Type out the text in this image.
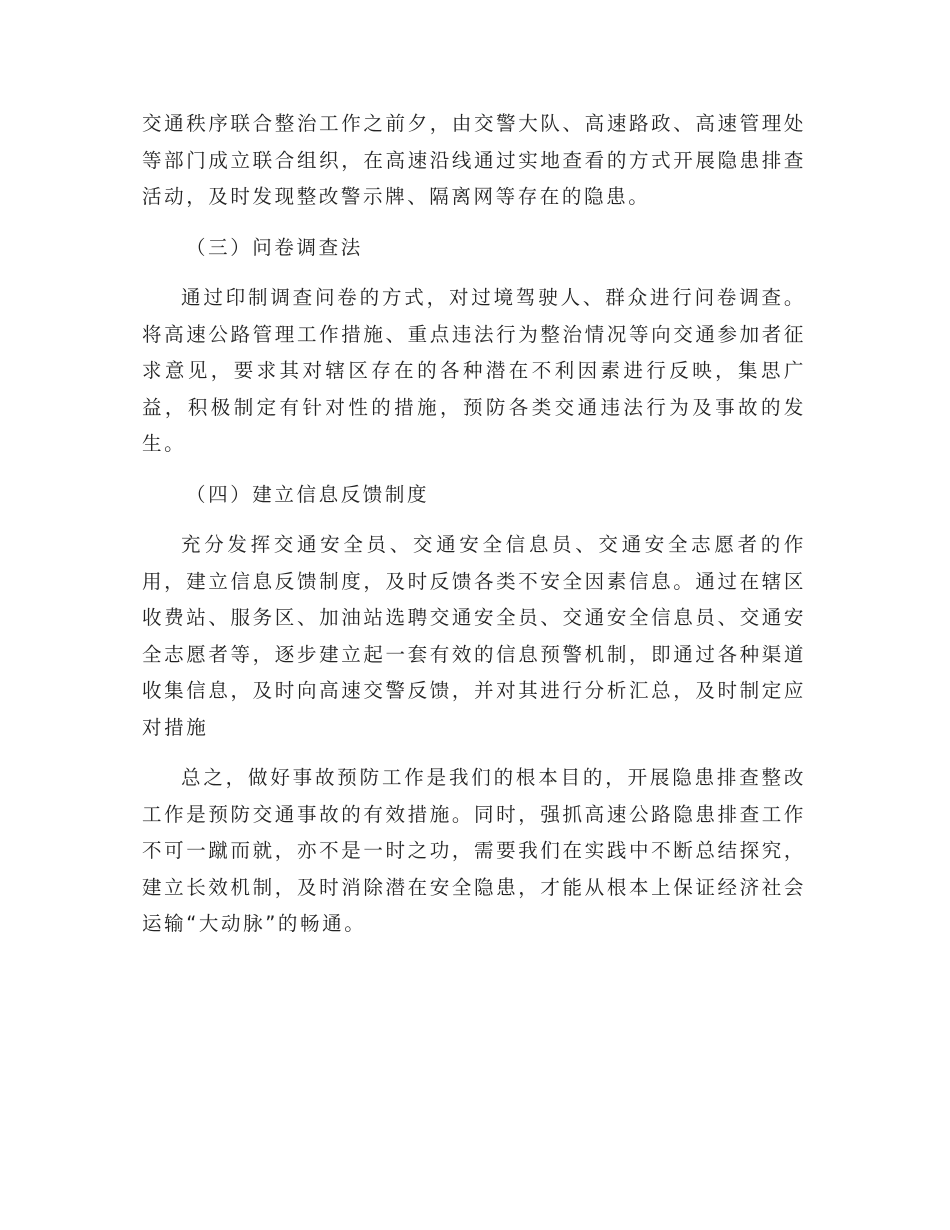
交通秩序联合整治工作之前夕，由交警大队、高速路政、高速管理处等部门成立联合组织，在高速沿线通过实地查看的方式开展隐患排查活动，及时发现整改警示牌、隔离网等存在的隐患。

（三）问卷调查法

通过印制调查问卷的方式，对过境驾驶人、群众进行问卷调查。将高速公路管理工作措施、重点违法行为整治情况等向交通参加者征求意见，要求其对辖区存在的各种潜在不利因素进行反映，集思广益，积极制定有针对性的措施，预防各类交通违法行为及事故的发生。

（四）建立信息反馈制度

充分发挥交通安全员、交通安全信息员、交通安全志愿者的作用，建立信息反馈制度，及时反馈各类不安全因素信息。通过在辖区收费站、服务区、加油站选聘交通安全员、交通安全信息员、交通安全志愿者等，逐步建立起一套有效的信息预警机制，即通过各种渠道收集信息，及时向高速交警反馈，并对其进行分析汇总，及时制定应对措施

总之，做好事故预防工作是我们的根本目的，开展隐患排查整改工作是预防交通事故的有效措施。同时，强抓高速公路隐患排查工作不可一蹴而就，亦不是一时之功，需要我们在实践中不断总结探究，建立长效机制，及时消除潜在安全隐患，才能从根本上保证经济社会运输“大动脉”的畅通。
